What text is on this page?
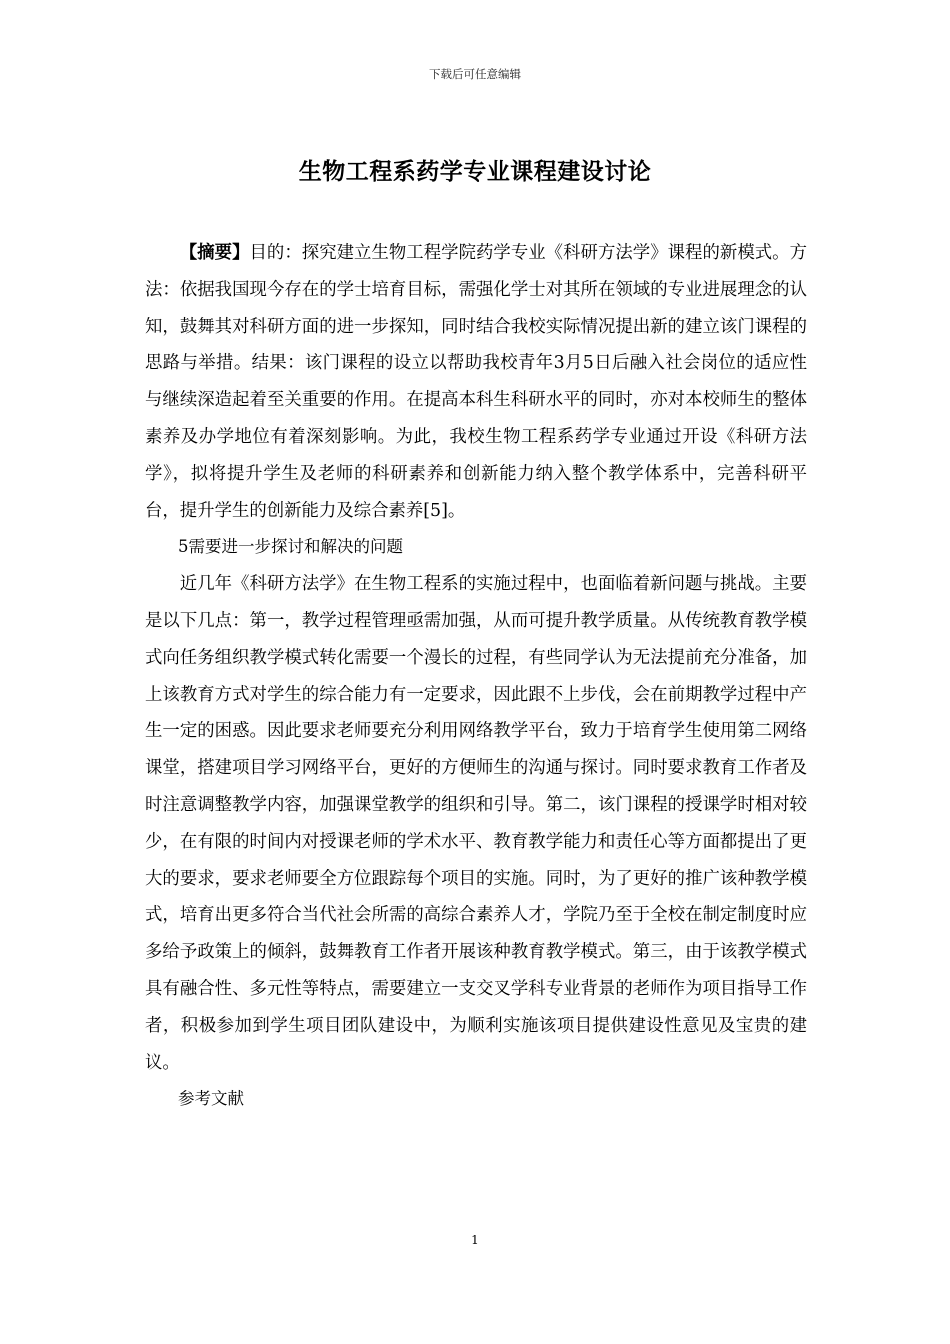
下载后可任意编辑
生物工程系药学专业课程建设讨论

【摘要】目的：探究建立生物工程学院药学专业《科研方法学》课程的新模式。方法：依据我国现今存在的学士培育目标，需强化学士对其所在领域的专业进展理念的认知，鼓舞其对科研方面的进一步探知，同时结合我校实际情况提出新的建立该门课程的思路与举措。结果：该门课程的设立以帮助我校青年3月5日后融入社会岗位的适应性与继续深造起着至关重要的作用。在提高本科生科研水平的同时，亦对本校师生的整体素养及办学地位有着深刻影响。为此，我校生物工程系药学专业通过开设《科研方法学》，拟将提升学生及老师的科研素养和创新能力纳入整个教学体系中，完善科研平台，提升学生的创新能力及综合素养[5]。

5需要进一步探讨和解决的问题

近几年《科研方法学》在生物工程系的实施过程中，也面临着新问题与挑战。主要是以下几点：第一，教学过程管理亟需加强，从而可提升教学质量。从传统教育教学模式向任务组织教学模式转化需要一个漫长的过程，有些同学认为无法提前充分准备，加上该教育方式对学生的综合能力有一定要求，因此跟不上步伐，会在前期教学过程中产生一定的困惑。因此要求老师要充分利用网络教学平台，致力于培育学生使用第二网络课堂，搭建项目学习网络平台，更好的方便师生的沟通与探讨。同时要求教育工作者及时注意调整教学内容，加强课堂教学的组织和引导。第二，该门课程的授课学时相对较少，在有限的时间内对授课老师的学术水平、教育教学能力和责任心等方面都提出了更大的要求，要求老师要全方位跟踪每个项目的实施。同时，为了更好的推广该种教学模式，培育出更多符合当代社会所需的高综合素养人才，学院乃至于全校在制定制度时应多给予政策上的倾斜，鼓舞教育工作者开展该种教育教学模式。第三，由于该教学模式具有融合性、多元性等特点，需要建立一支交叉学科专业背景的老师作为项目指导工作者，积极参加到学生项目团队建设中，为顺利实施该项目提供建设性意见及宝贵的建议。

参考文献

1
